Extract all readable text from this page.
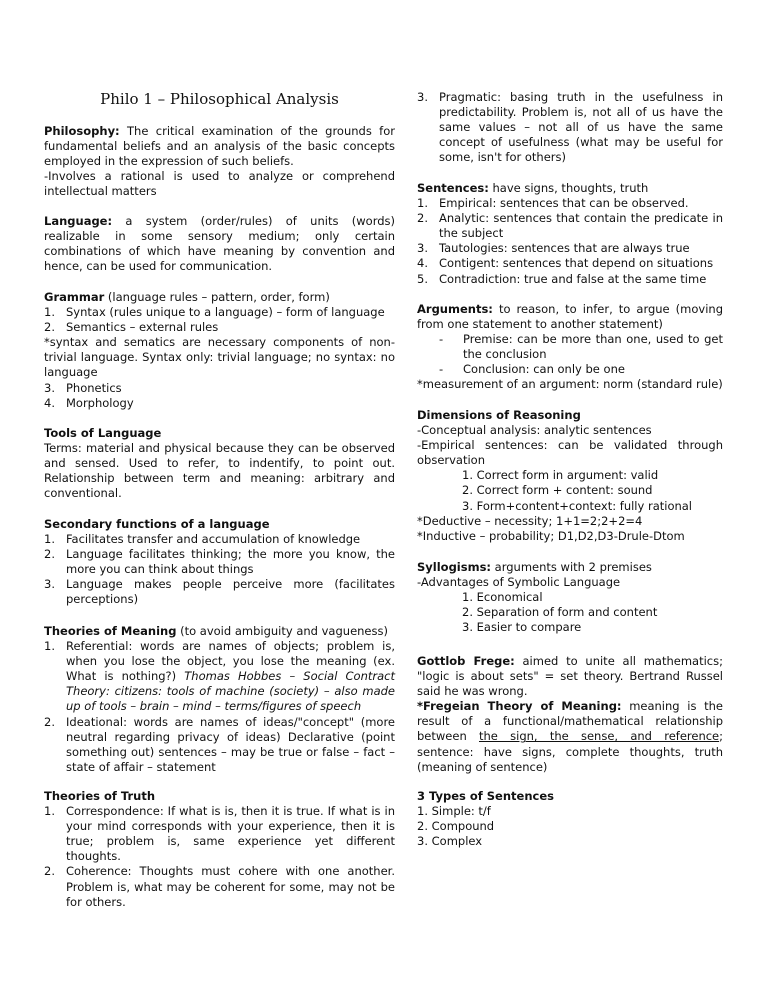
Philo 1 – Philosophical Analysis

Philosophy: The critical examination of the grounds for fundamental beliefs and an analysis of the basic concepts employed in the expression of such beliefs.

-Involves a rational is used to analyze or comprehend intellectual matters

Language: a system (order/rules) of units (words) realizable in some sensory medium; only certain combinations of which have meaning by convention and hence, can be used for communication.

Grammar (language rules – pattern, order, form)

1. Syntax (rules unique to a language) – form of language
2. Semantics – external rules

*syntax and sematics are necessary components of non-trivial language. Syntax only: trivial language; no syntax: no language

3. Phonetics
4. Morphology

Tools of Language

Terms: material and physical because they can be observed and sensed. Used to refer, to indentify, to point out. Relationship between term and meaning: arbitrary and conventional.

Secondary functions of a language

1. Facilitates transfer and accumulation of knowledge
2. Language facilitates thinking; the more you know, the more you can think about things
3. Language makes people perceive more (facilitates perceptions)

Theories of Meaning (to avoid ambiguity and vagueness)

1. Referential: words are names of objects; problem is, when you lose the object, you lose the meaning (ex. What is nothing?) Thomas Hobbes – Social Contract Theory: citizens: tools of machine (society) – also made up of tools – brain – mind – terms/figures of speech
2. Ideational: words are names of ideas/"concept" (more neutral regarding privacy of ideas) Declarative (point something out) sentences – may be true or false – fact – state of affair – statement

Theories of Truth

1. Correspondence: If what is is, then it is true. If what is in your mind corresponds with your experience, then it is true; problem is, same experience yet different thoughts.
2. Coherence: Thoughts must cohere with one another. Problem is, what may be coherent for some, may not be for others.
3. Pragmatic: basing truth in the usefulness in predictability. Problem is, not all of us have the same values – not all of us have the same concept of usefulness (what may be useful for some, isn't for others)

Sentences: have signs, thoughts, truth

1. Empirical: sentences that can be observed.
2. Analytic: sentences that contain the predicate in the subject
3. Tautologies: sentences that are always true
4. Contigent: sentences that depend on situations
5. Contradiction: true and false at the same time

Arguments: to reason, to infer, to argue (moving from one statement to another statement)

- Premise: can be more than one, used to get the conclusion
- Conclusion: can only be one

*measurement of an argument: norm (standard rule)

Dimensions of Reasoning

-Conceptual analysis: analytic sentences

-Empirical sentences: can be validated through observation

1. Correct form in argument: valid

2. Correct form + content: sound

3. Form+content+context: fully rational

*Deductive – necessity; 1+1=2;2+2=4

*Inductive – probability; D1,D2,D3-Drule-Dtom

Syllogisms: arguments with 2 premises

-Advantages of Symbolic Language

1. Economical

2. Separation of form and content

3. Easier to compare

Gottlob Frege: aimed to unite all mathematics; "logic is about sets" = set theory. Bertrand Russel said he was wrong.

*Fregeian Theory of Meaning: meaning is the result of a functional/mathematical relationship between the sign, the sense, and reference; sentence: have signs, complete thoughts, truth (meaning of sentence)

3 Types of Sentences

1. Simple: t/f

2. Compound

3. Complex
